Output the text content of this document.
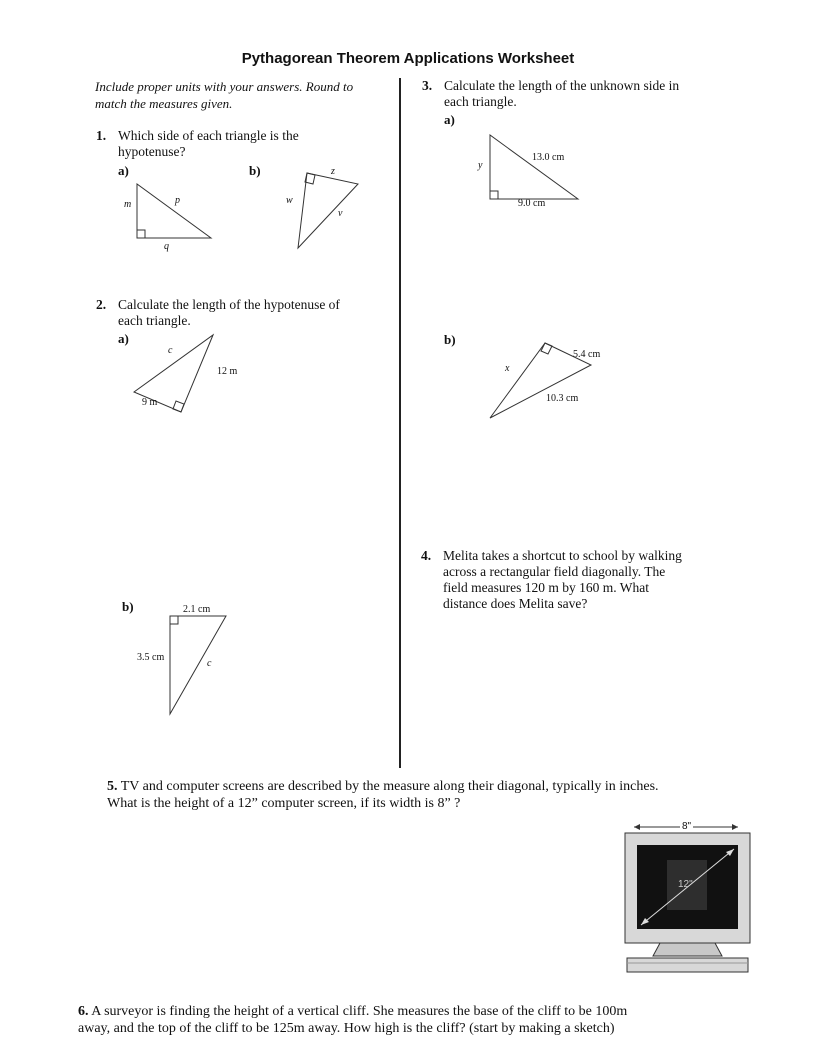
Pythagorean Theorem Applications Worksheet
Include proper units with your answers. Round to match the measures given.
1. Which side of each triangle is the
hypotenuse?
a)	b)
2. Calculate the length of the hypotenuse of
each triangle.
a)
b)
3. Calculate the length of the unknown side in
each triangle.
a)
b)
4. Melita takes a shortcut to school by walking
across a rectangular field diagonally. The
field measures 120 m by 160 m. What
distance does Melita save?
5. TV and computer screens are described by the measure along their diagonal, typically in inches.
What is the height of a 12” computer screen, if its width is 8” ?
6. A surveyor is finding the height of a vertical cliff. She measures the base of the cliff to be 100m
away, and the top of the cliff to be 125m away. How high is the cliff? (start by making a sketch)
m	p
q
w
z
v
c
12 m
9 m
2.1 cm
3.5 cm
c
y
13.0 cm
9.0 cm
x
5.4 cm
10.3 cm
8"
12"
